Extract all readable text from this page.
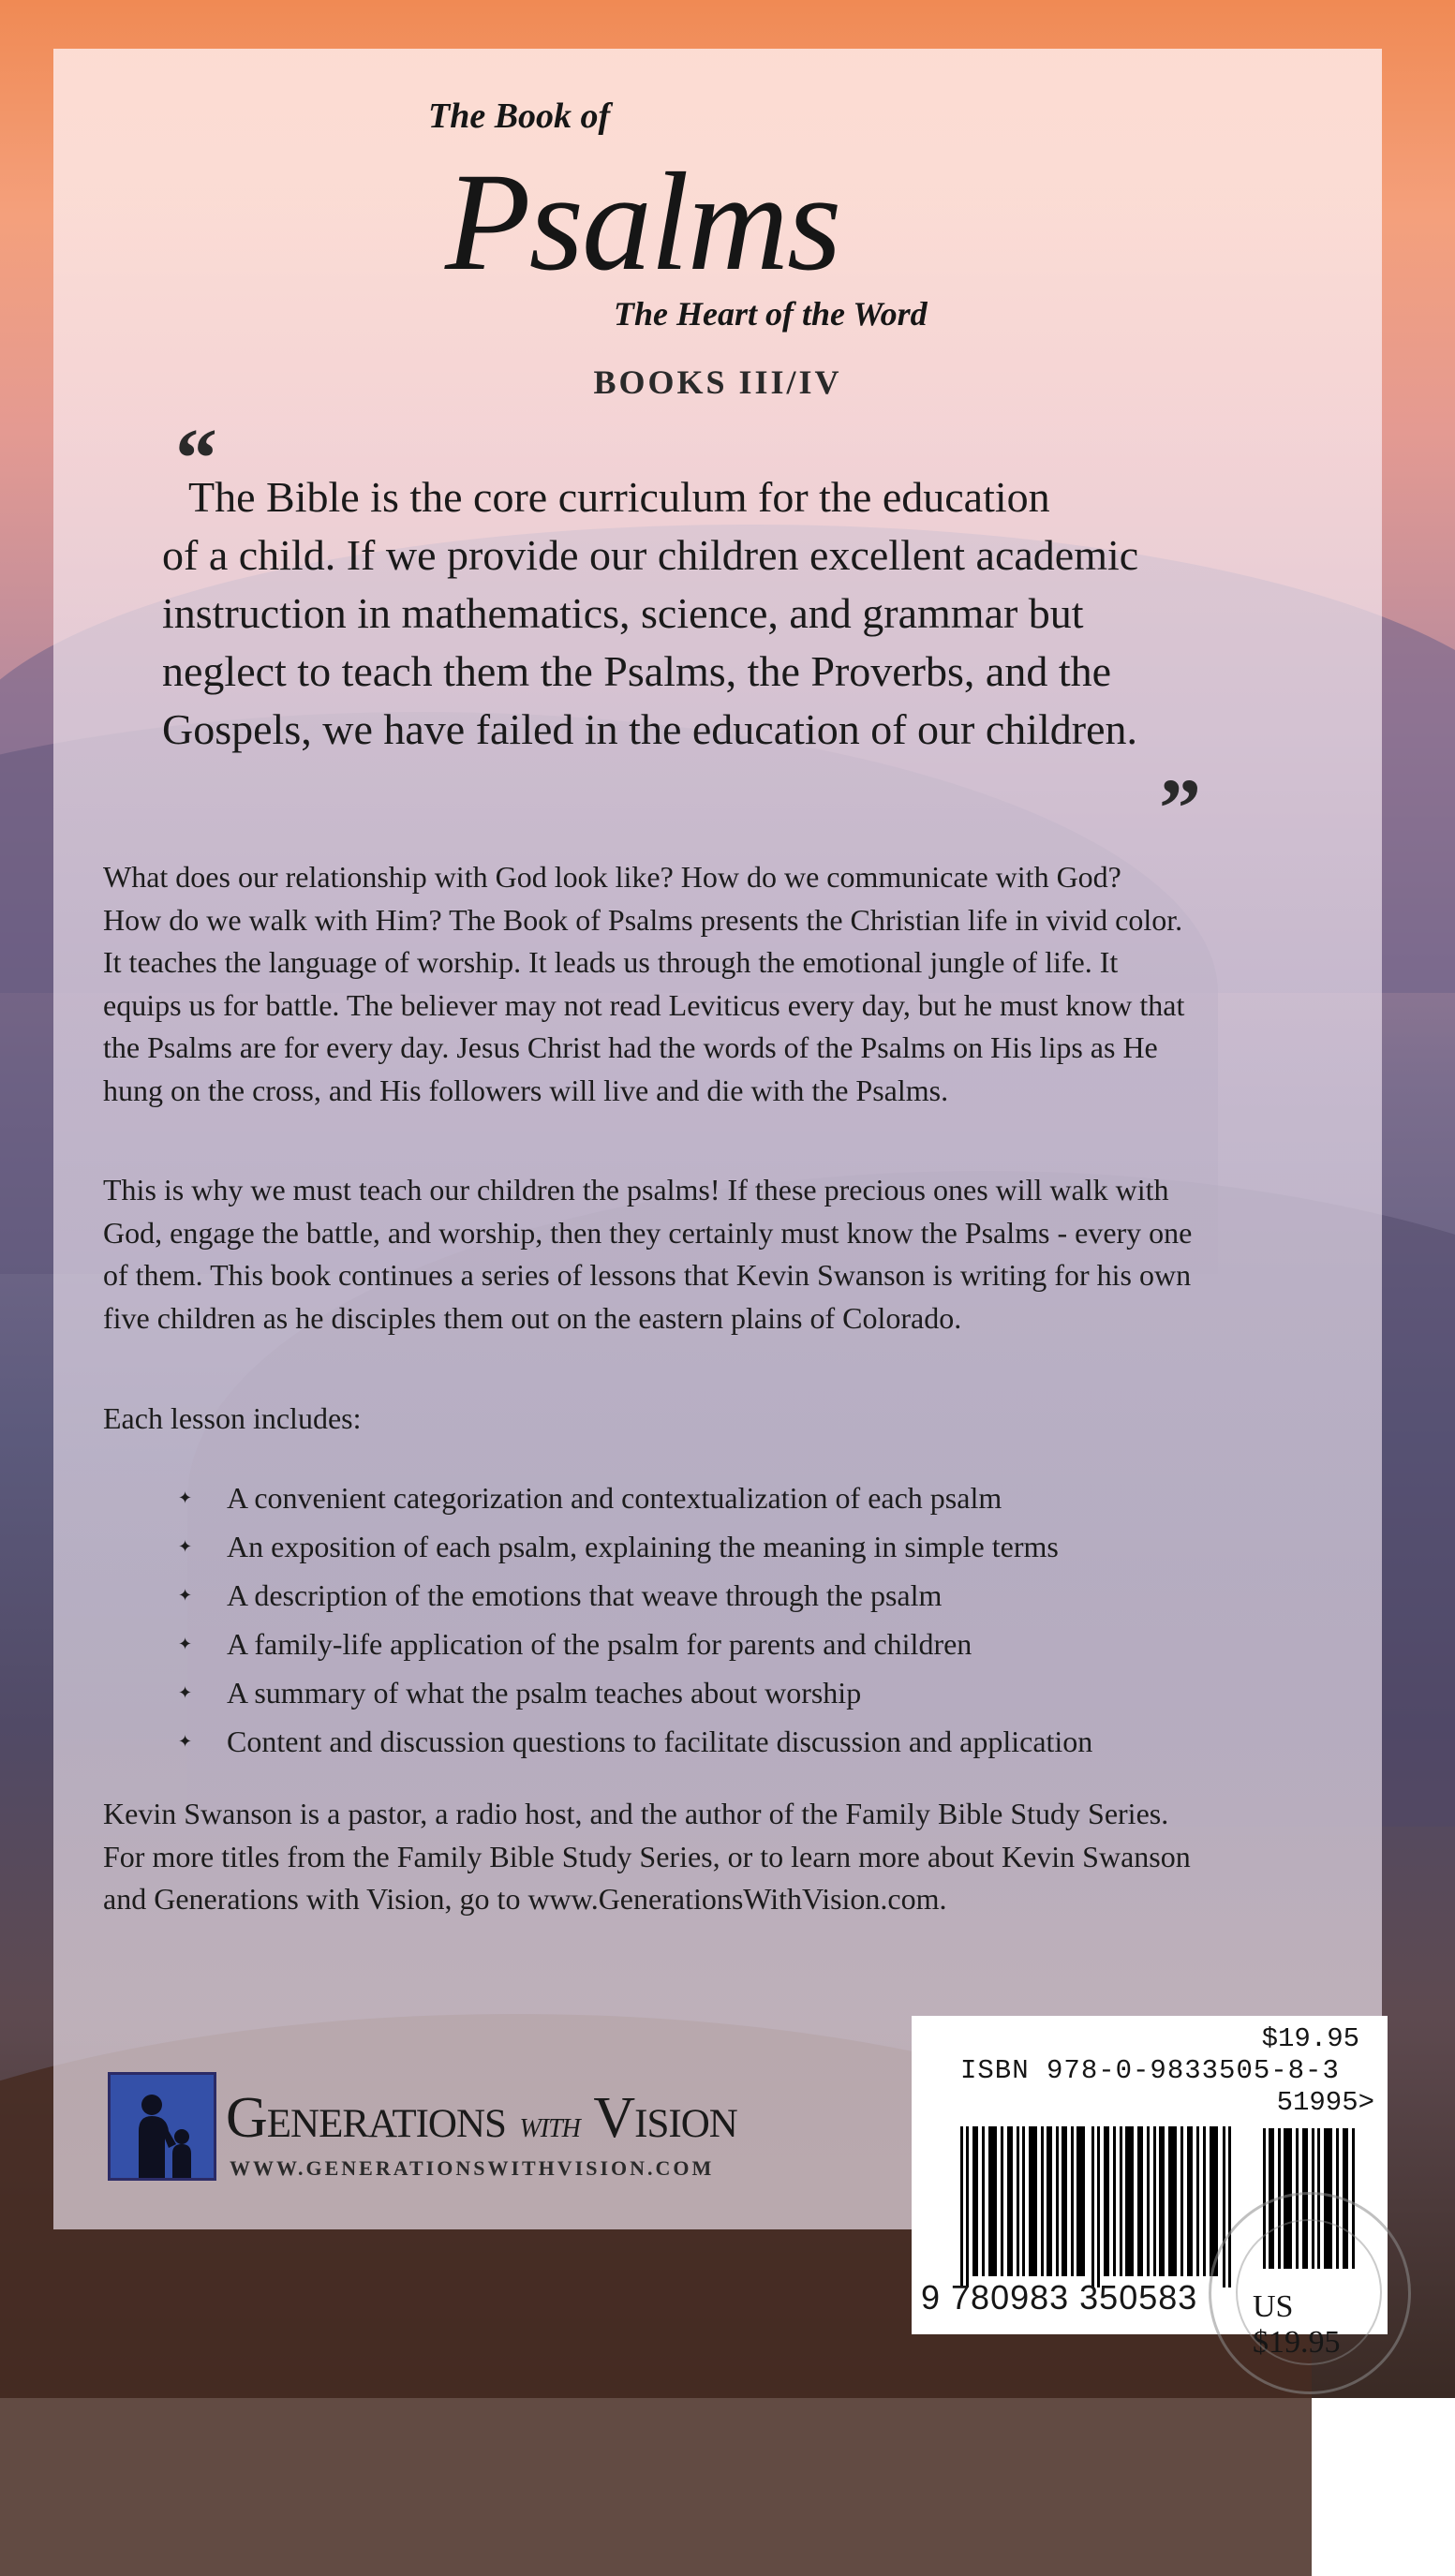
The Book of
Psalms
The Heart of the Word
BOOKS III/IV
“
The Bible is the core curriculum for the education
of a child. If we provide our children excellent academic
instruction in mathematics, science, and grammar but
neglect to teach them the Psalms, the Proverbs, and the
Gospels, we have failed in the education of our children.
”
What does our relationship with God look like? How do we communicate with God?
How do we walk with Him? The Book of Psalms presents the Christian life in vivid color.
It teaches the language of worship. It leads us through the emotional jungle of life. It
equips us for battle. The believer may not read Leviticus every day, but he must know that
the Psalms are for every day. Jesus Christ had the words of the Psalms on His lips as He
hung on the cross, and His followers will live and die with the Psalms.
This is why we must teach our children the psalms! If these precious ones will walk with
God, engage the battle, and worship, then they certainly must know the Psalms - every one
of them. This book continues a series of lessons that Kevin Swanson is writing for his own
five children as he disciples them out on the eastern plains of Colorado.
Each lesson includes:
✦ A convenient categorization and contextualization of each psalm
✦ An exposition of each psalm, explaining the meaning in simple terms
✦ A description of the emotions that weave through the psalm
✦ A family-life application of the psalm for parents and children
✦ A summary of what the psalm teaches about worship
✦ Content and discussion questions to facilitate discussion and application
Kevin Swanson is a pastor, a radio host, and the author of the Family Bible Study Series.
For more titles from the Family Bible Study Series, or to learn more about Kevin Swanson
and Generations with Vision, go to www.GenerationsWithVision.com.
Generations with Vision
WWW.GENERATIONSWITHVISION.COM
$19.95
ISBN 978-0-9833505-8-3
51995>
9 780983 350583 US $19.95
